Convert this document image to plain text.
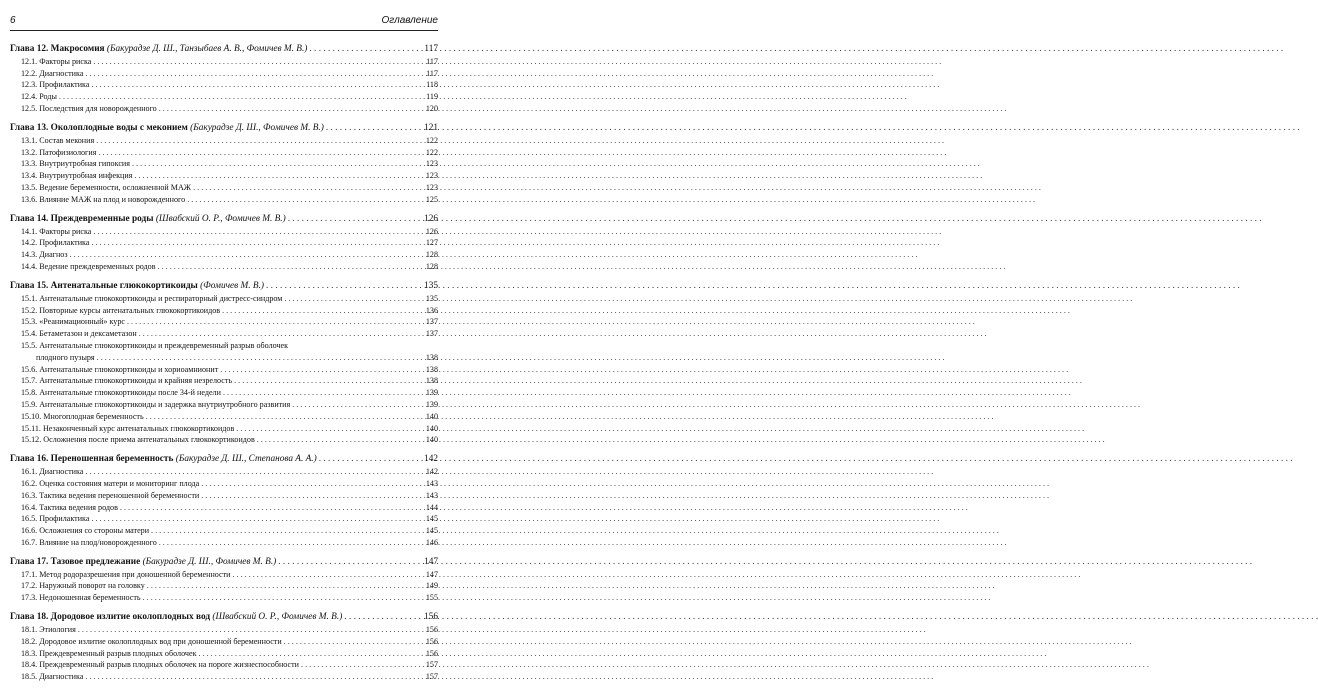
6	Оглавление
Глава 12. Макросомия (Бакурадзе Д. Ш., Танзыбаев А. В., Фомичев М. В.) . . .	117
12.1. Факторы риска . . .	117
12.2. Диагностика . . .	117
12.3. Профилактика . . .	118
12.4. Роды . . .	119
12.5. Последствия для новорожденного . . .	120
Глава 13. Околоплодные воды с меконием (Бакурадзе Д. Ш., Фомичев М. В.) . . .	121
13.1. Состав мекония . . .	122
13.2. Патофизиология . . .	122
13.3. Внутриутробная гипоксия . . .	123
13.4. Внутриутробная инфекция . . .	123
13.5. Ведение беременности, осложненной МАЖ . . .	123
13.6. Влияние МАЖ на плод и новорожденного . . .	125
Глава 14. Преждевременные роды (Швабский О. Р., Фомичев М. В.) . . .	126
14.1. Факторы риска . . .	126
14.2. Профилактика . . .	127
14.3. Диагноз . . .	128
14.4. Ведение преждевременных родов . . .	128
Глава 15. Антенатальные глюкокортикоиды (Фомичев М. В.) . . .	135
15.1. Антенатальные глюкокортикоиды и респираторный дистресс-синдром . . .	135
15.2. Повторные курсы антенатальных глюкокортикоидов . . .	136
15.3. «Реанимационный» курс . . .	137
15.4. Бетаметазон и дексаметазон . . .	137
15.5. Антенатальные глюкокортикоиды и преждевременный разрыв оболочек
плодного пузыря . . .	138
15.6. Антенатальные глюкокортикоиды и хориоамнионит . . .	138
15.7. Антенатальные глюкокортикоиды и крайняя незрелость . . .	138
15.8. Антенатальные глюкокортикоиды после 34-й недели . . .	139
15.9. Антенатальные глюкокортикоиды и задержка внутриутробного развития . . .	139
15.10. Многоплодная беременность . . .	140
15.11. Незаконченный курс антенатальных глюкокортикоидов . . .	140
15.12. Осложнения после приема антенатальных глюкокортикоидов . . .	140
Глава 16. Переношенная беременность (Бакурадзе Д. Ш., Степанова А. А.) . . .	142
16.1. Диагностика . . .	142
16.2. Оценка состояния матери и мониторинг плода . . .	143
16.3. Тактика ведения переношенной беременности . . .	143
16.4. Тактика ведения родов . . .	144
16.5. Профилактика . . .	145
16.6. Осложнения со стороны матери . . .	145
16.7. Влияние на плод/новорожденного . . .	146
Глава 17. Тазовое предлежание (Бакурадзе Д. Ш., Фомичев М. В.) . . .	147
17.1. Метод родоразрешения при доношенной беременности . . .	147
17.2. Наружный поворот на головку . . .	149
17.3. Недоношенная беременность . . .	155
Глава 18. Дородовое излитие околоплодных вод (Швабский О. Р., Фомичев М. В.) . . .	156
18.1. Этиология . . .	156
18.2. Дородовое излитие околоплодных вод при доношенной беременности . . .	156
18.3. Преждевременный разрыв плодных оболочек . . .	156
18.4. Преждевременный разрыв плодных оболочек на пороге жизнеспособности . . .	157
18.5. Диагностика . . .	157
